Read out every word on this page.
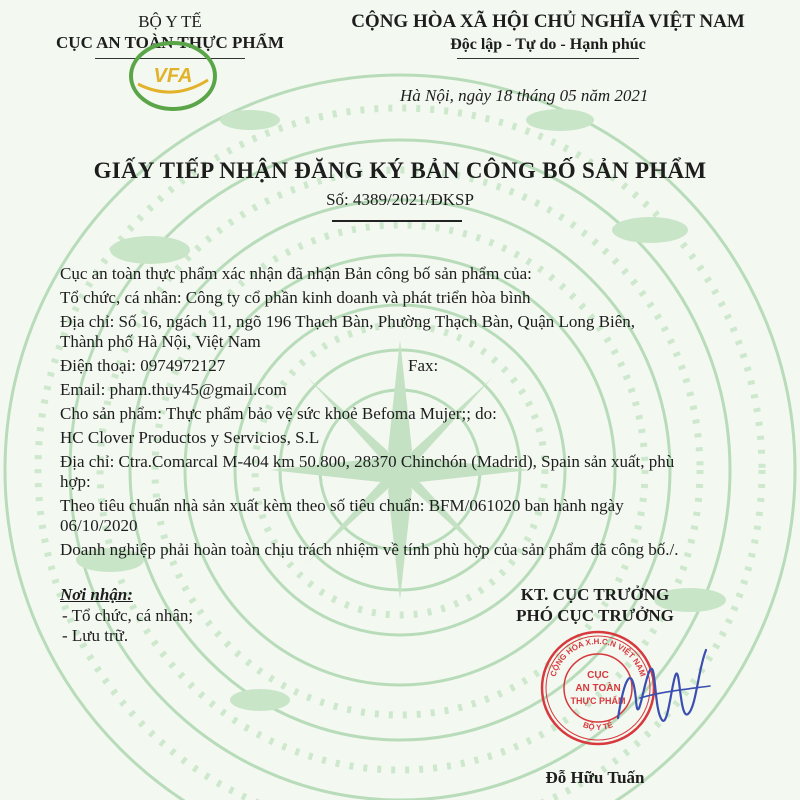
BỘ Y TẾ
CỤC AN TOÀN THỰC PHẨM
VFA
CỘNG HÒA XÃ HỘI CHỦ NGHĨA VIỆT NAM
Độc lập - Tự do - Hạnh phúc
Hà Nội, ngày 18 tháng 05 năm 2021
GIẤY TIẾP NHẬN ĐĂNG KÝ BẢN CÔNG BỐ SẢN PHẨM
Số: 4389/2021/ĐKSP
Cục an toàn thực phẩm xác nhận đã nhận Bản công bố sản phẩm của:
Tổ chức, cá nhân: Công ty cổ phần kinh doanh và phát triển hòa bình
Địa chỉ: Số 16, ngách 11, ngõ 196 Thạch Bàn, Phường Thạch Bàn, Quận Long Biên,
Thành phố Hà Nội, Việt Nam
Điện thoại: 0974972127	Fax:
Email: pham.thuy45@gmail.com
Cho sản phẩm: Thực phẩm bảo vệ sức khoẻ Befoma Mujer;; do:
HC Clover Productos y Servicios, S.L
Địa chỉ: Ctra.Comarcal M-404 km 50.800, 28370 Chinchón (Madrid), Spain sản xuất, phù
hợp:
Theo tiêu chuẩn nhà sản xuất kèm theo số tiêu chuẩn: BFM/061020 ban hành ngày
06/10/2020
Doanh nghiệp phải hoàn toàn chịu trách nhiệm về tính phù hợp của sản phẩm đã công bố./.
Nơi nhận:
- Tổ chức, cá nhân;
- Lưu trữ.
KT. CỤC TRƯỞNG
PHÓ CỤC TRƯỞNG
CỘNG HÒA X.H.C.N VIỆT NAM
BỘ Y TẾ
CỤC
AN TOÀN
THỰC PHẨM
Đỗ Hữu Tuấn
